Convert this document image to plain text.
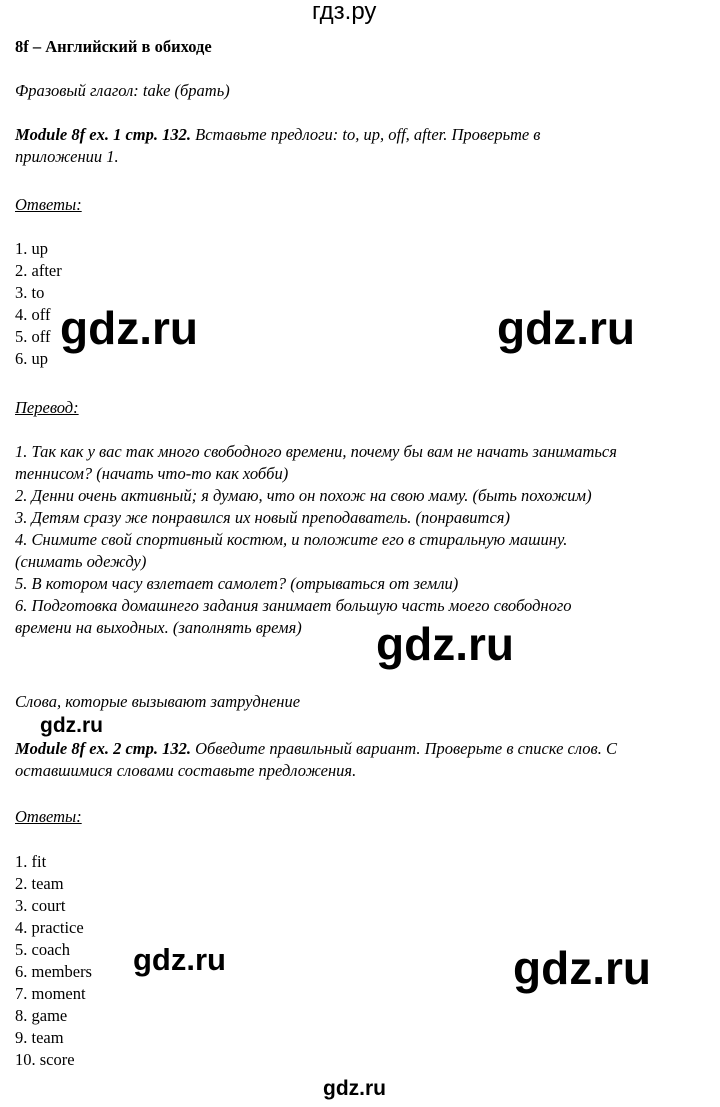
гдз.ру
8f – Английский в обиходе
Фразовый глагол: take (брать)
Module 8f ex. 1 стр. 132. Вставьте предлоги: to, up, off, after. Проверьте в
приложении 1.
Ответы:
1. up
2. after
3. to
4. off
5. off
6. up
Перевод:
1. Так как у вас так много свободного времени, почему бы вам не начать заниматься
теннисом? (начать что-то как хобби)
2. Денни очень активный; я думаю, что он похож на свою маму. (быть похожим)
3. Детям сразу же понравился их новый преподаватель. (понравится)
4. Снимите свой спортивный костюм, и положите его в стиральную машину.
(снимать одежду)
5. В котором часу взлетает самолет? (отрываться от земли)
6. Подготовка домашнего задания занимает большую часть моего свободного
времени на выходных. (заполнять время)
Слова, которые вызывают затруднение
Module 8f ex. 2 стр. 132. Обведите правильный вариант. Проверьте в списке слов. С
оставшимися словами составьте предложения.
Ответы:
1. fit
2. team
3. court
4. practice
5. coach
6. members
7. moment
8. game
9. team
10. score
gdz.ru	gdz.ru
gdz.ru
gdz.ru
gdz.ru	gdz.ru
gdz.ru
